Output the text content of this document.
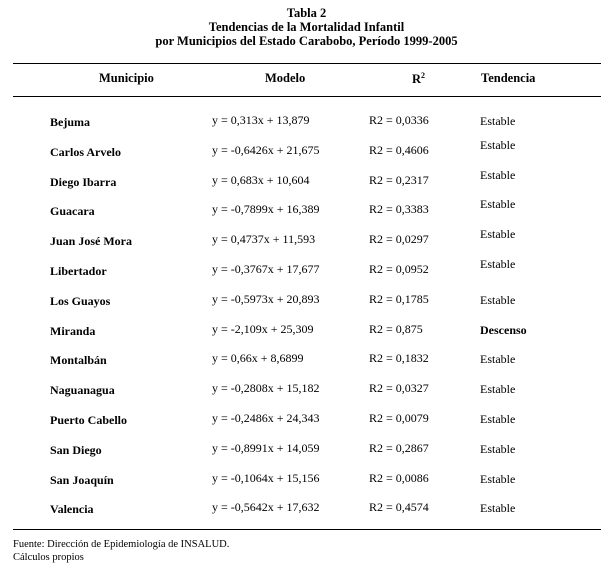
Tabla 2
Tendencias de la Mortalidad Infantil
por Municipios del Estado Carabobo, Período 1999-2005
Municipio	Modelo	$R^2$	Tendencia
Bejuma	y = 0,313x + 13,879	R2 = 0,0336	Estable
Carlos Arvelo	y = -0,6426x + 21,675	R2 = 0,4606	Estable
Diego Ibarra	y = 0,683x + 10,604	R2 = 0,2317	Estable
Guacara	y = -0,7899x + 16,389	R2 = 0,3383	Estable
Juan José Mora	y = 0,4737x + 11,593	R2 = 0,0297	Estable
Libertador	y = -0,3767x + 17,677	R2 = 0,0952	Estable
Los Guayos	y = -0,5973x + 20,893	R2 = 0,1785	Estable
Miranda	y = -2,109x + 25,309	R2 = 0,875	Descenso
Montalbán	y = 0,66x + 8,6899	R2 = 0,1832	Estable
Naguanagua	y = -0,2808x + 15,182	R2 = 0,0327	Estable
Puerto Cabello	y = -0,2486x + 24,343	R2 = 0,0079	Estable
San Diego	y = -0,8991x + 14,059	R2 = 0,2867	Estable
San Joaquín	y = -0,1064x + 15,156	R2 = 0,0086	Estable
Valencia	y = -0,5642x + 17,632	R2 = 0,4574	Estable
Fuente: Dirección de Epidemiología de INSALUD.
Cálculos propios
